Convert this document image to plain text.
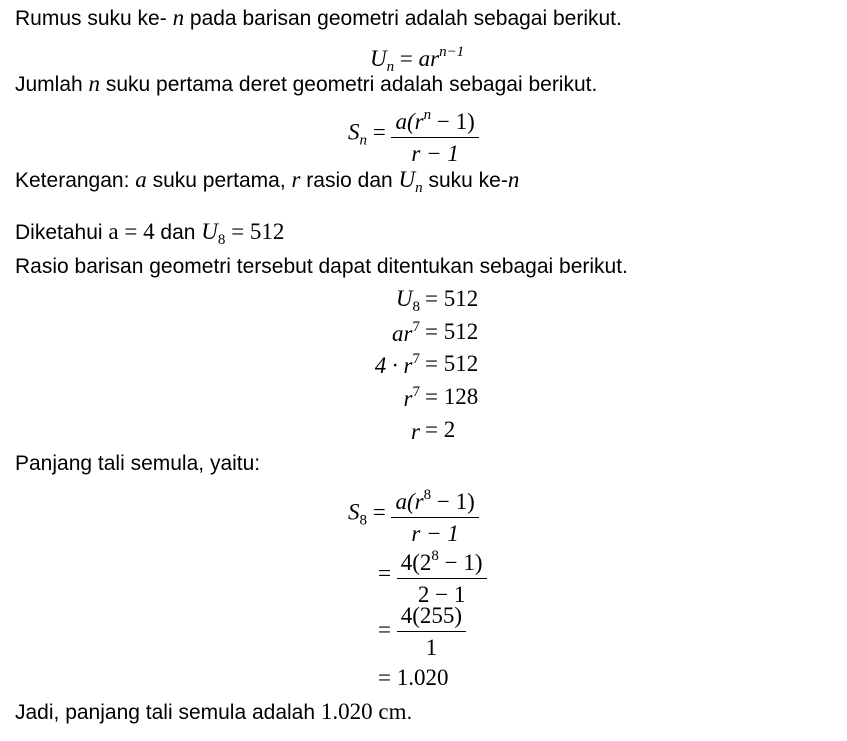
Rumus suku ke- n pada barisan geometri adalah sebagai berikut.
$U_n = ar^{n-1}$
Jumlah n suku pertama deret geometri adalah sebagai berikut.
$S_n = \frac{a(r^n - 1)}{r - 1}$
Keterangan: a suku pertama, r rasio dan $U_n$ suku ke-n
Diketahui a = 4 dan $U_8 = 512$
Rasio barisan geometri tersebut dapat ditentukan sebagai berikut.
$U_8 = 512$
$ar^7 = 512$
$4 \cdot r^7 = 512$
$r^7 = 128$
r = 2
Panjang tali semula, yaitu:
$S_8 = \frac{a(r^8 - 1)}{r - 1}$
= $\frac{4(2^8 - 1)}{2 - 1}$
= $\frac{4(255)}{1}$
= 1.020
Jadi, panjang tali semula adalah 1.020 cm.
